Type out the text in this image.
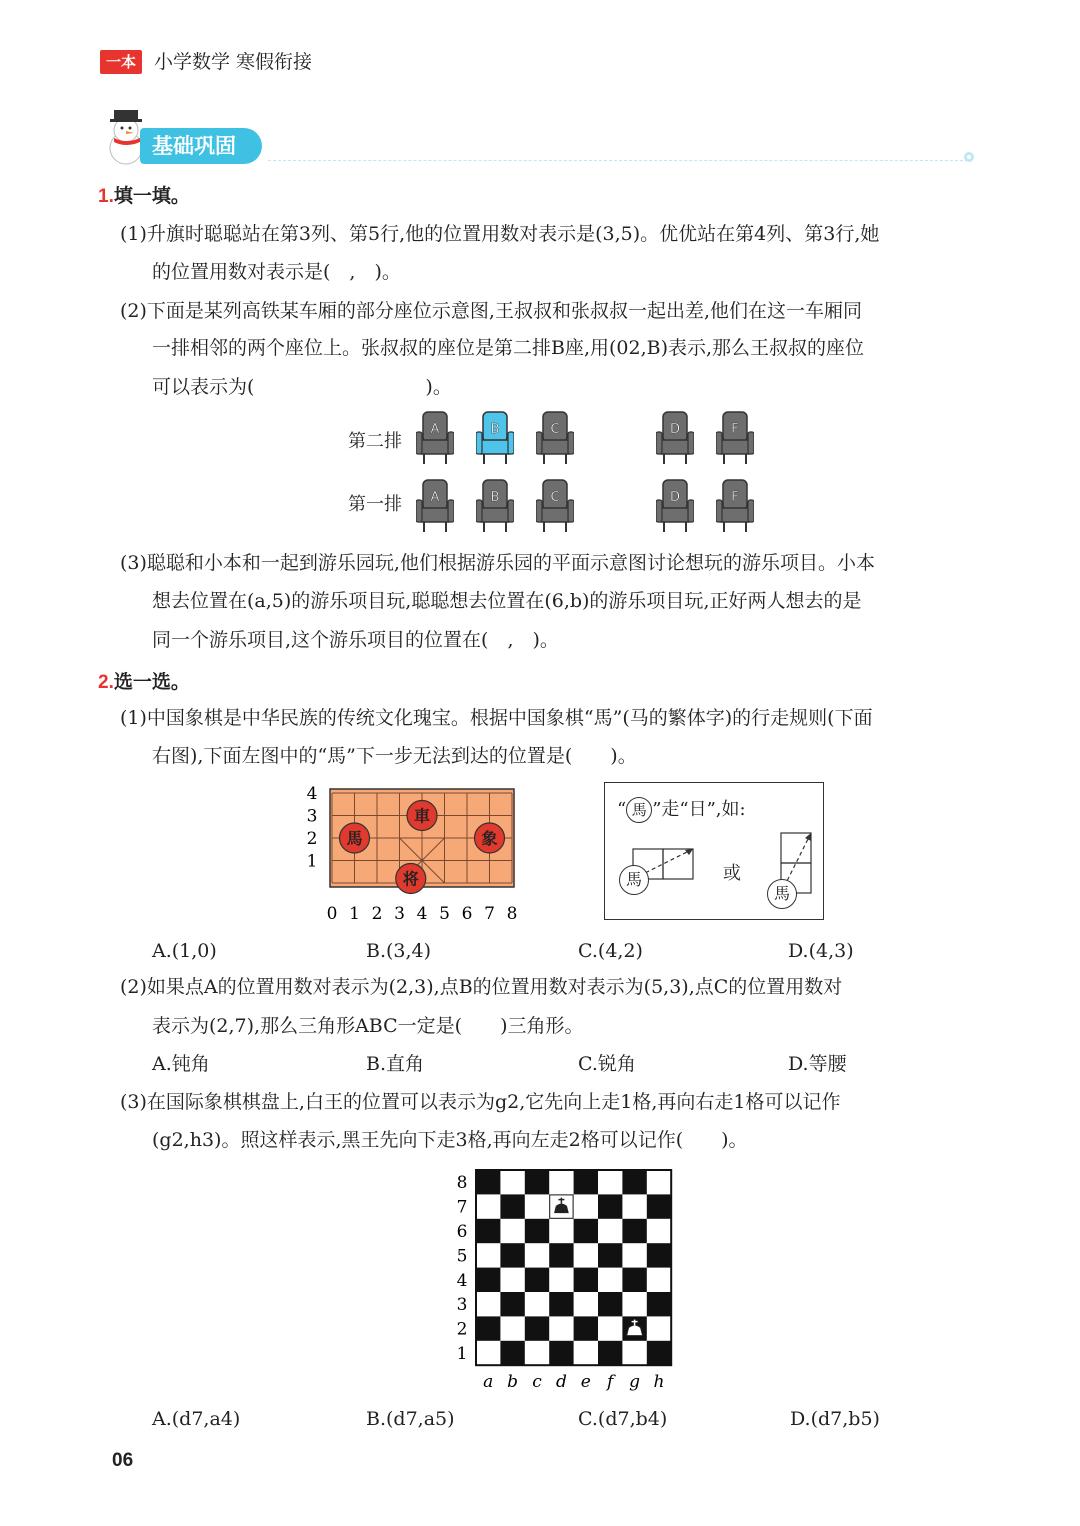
一本 小学数学 寒假衔接
基础巩固
1.填一填。
(1)升旗时聪聪站在第3列、第5行,他的位置用数对表示是(3,5)。优优站在第4列、第3行,她
的位置用数对表示是(　,　)。
(2)下面是某列高铁某车厢的部分座位示意图,王叔叔和张叔叔一起出差,他们在这一车厢同
一排相邻的两个座位上。张叔叔的座位是第二排B座,用(02,B)表示,那么王叔叔的座位
可以表示为(　　　　　　　　　)。
第二排
第一排
A	B	C	D	F
A	B	C	D	F
(3)聪聪和小本和一起到游乐园玩,他们根据游乐园的平面示意图讨论想玩的游乐项目。小本
想去位置在(a,5)的游乐项目玩,聪聪想去位置在(6,b)的游乐项目玩,正好两人想去的是
同一个游乐项目,这个游乐项目的位置在(　,　)。
2.选一选。
(1)中国象棋是中华民族的传统文化瑰宝。根据中国象棋“馬”(马的繁体字)的行走规则(下面
右图),下面左图中的“馬”下一步无法到达的位置是(　　)。
4
3
2
1
0 1 2 3 4 5 6 7 8
馬
車
象
将
“ 馬 ”走“日”,如:
馬	或
馬
A.(1,0)	B.(3,4)	C.(4,2)	D.(4,3)
(2)如果点A的位置用数对表示为(2,3),点B的位置用数对表示为(5,3),点C的位置用数对
表示为(2,7),那么三角形ABC一定是(　　)三角形。
A.钝角	B.直角	C.锐角	D.等腰
(3)在国际象棋棋盘上,白王的位置可以表示为g2,它先向上走1格,再向右走1格可以记作
(g2,h3)。照这样表示,黑王先向下走3格,再向左走2格可以记作(　　)。
8
7
6
5
4
3
2
1
a b c d e f g h
A.(d7,a4)	B.(d7,a5)	C.(d7,b4)	D.(d7,b5)
06
